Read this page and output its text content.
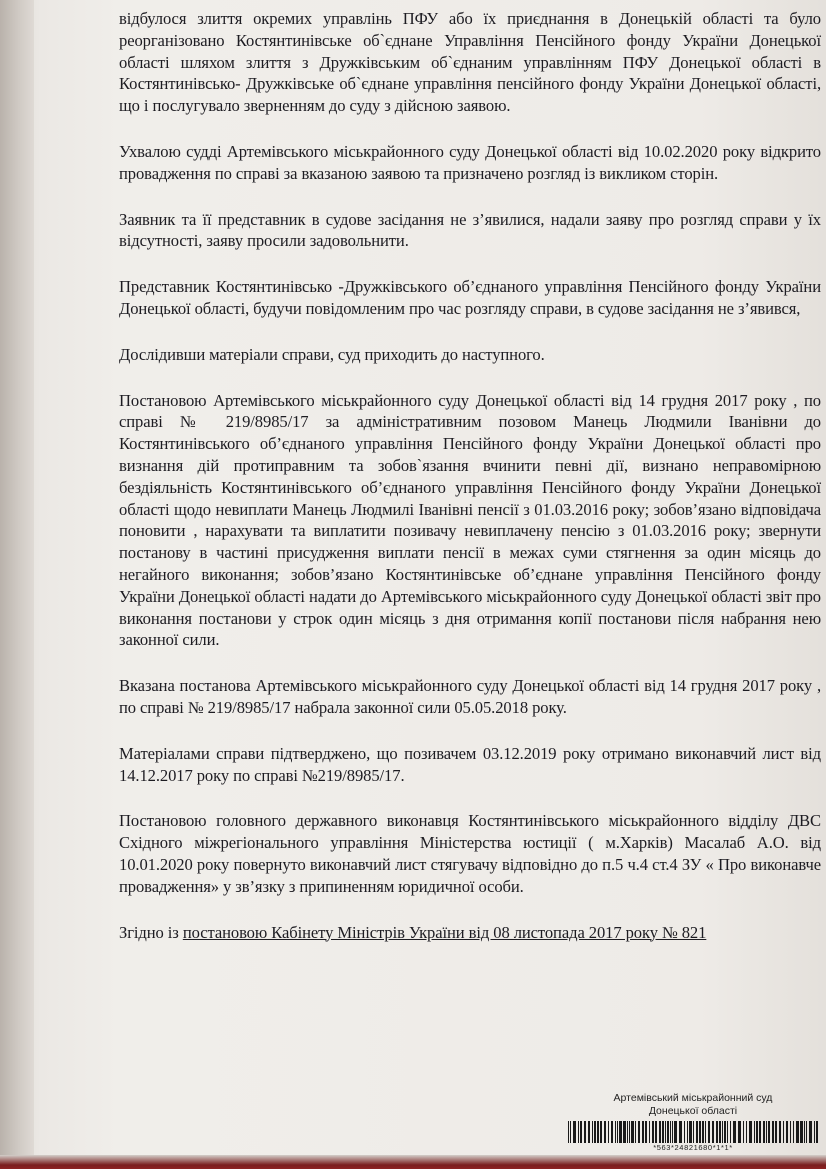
відбулося злиття окремих управлінь ПФУ або їх приєднання в Донецькій області та було реорганізовано Костянтинівське об`єднане Управління Пенсійного фонду України Донецької області шляхом злиття з Дружківським об`єднаним управлінням ПФУ Донецької області в Костянтинівсько- Дружківське об`єднане управління пенсійного фонду України Донецької області, що і послугувало зверненням до суду з дійсною заявою.

Ухвалою судді Артемівського міськрайонного суду Донецької області від 10.02.2020 року відкрито провадження по справі за вказаною заявою та призначено розгляд із викликом сторін.

Заявник та її представник в судове засідання не з’явилися, надали заяву про розгляд справи у їх відсутності, заяву просили задовольнити.

Представник Костянтинівсько -Дружківського об’єднаного управління Пенсійного фонду України Донецької області, будучи повідомленим про час розгляду справи, в судове засідання не з’явився,

Дослідивши матеріали справи, суд приходить до наступного.

Постановою Артемівського міськрайонного суду Донецької області від 14 грудня 2017 року , по справі № 219/8985/17 за адміністративним позовом Манець Людмили Іванівни до Костянтинівського об’єднаного управління Пенсійного фонду України Донецької області про визнання дій протиправним та зобов`язання вчинити певні дії, визнано неправомірною бездіяльність Костянтинівського об’єднаного управління Пенсійного фонду України Донецької області щодо невиплати Манець Людмилі Іванівні пенсії з 01.03.2016 року; зобов’язано відповідача поновити , нарахувати та виплатити позивачу невиплачену пенсію з 01.03.2016 року; звернути постанову в частині присудження виплати пенсії в межах суми стягнення за один місяць до негайного виконання; зобов’язано Костянтинівське об’єднане управління Пенсійного фонду України Донецької області надати до Артемівського міськрайонного суду Донецької області звіт про виконання постанови у строк один місяць з дня отримання копії постанови після набрання нею законної сили.

Вказана постанова Артемівського міськрайонного суду Донецької області від 14 грудня 2017 року , по справі № 219/8985/17 набрала законної сили 05.05.2018 року.

Матеріалами справи підтверджено, що позивачем 03.12.2019 року отримано виконавчий лист від 14.12.2017 року по справі №219/8985/17.

Постановою головного державного виконавця Костянтинівського міськрайонного відділу ДВС Східного міжрегіонального управління Міністерства юстиції ( м.Харків) Масалаб А.О. від 10.01.2020 року повернуто виконавчий лист стягувачу відповідно до п.5 ч.4 ст.4 ЗУ « Про виконавче провадження» у зв’язку з припиненням юридичної особи.

Згідно із постановою Кабінету Міністрів України від 08 листопада 2017 року № 821

Артемівський міськрайонний суд
Донецької області
*563*24821680*1*1*
